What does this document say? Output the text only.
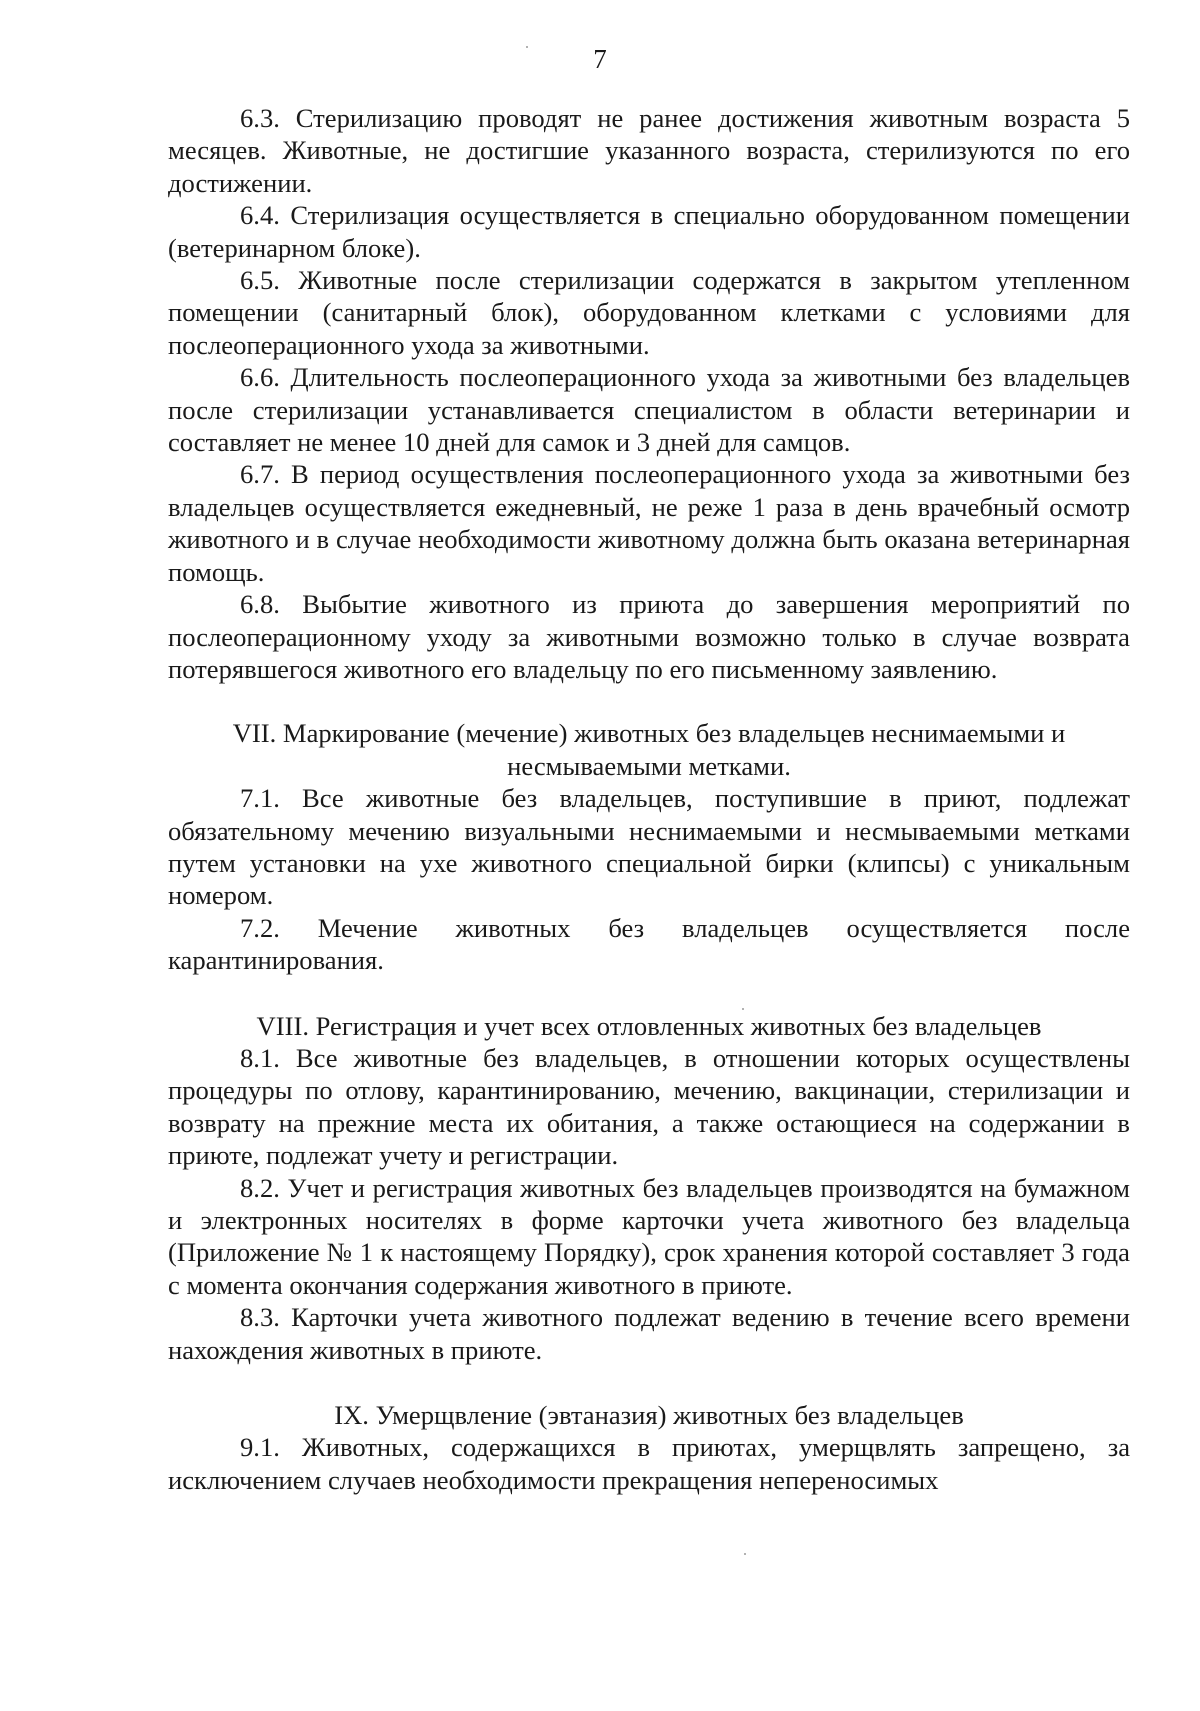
7

6.3. Стерилизацию проводят не ранее достижения животным возраста 5 месяцев. Животные, не достигшие указанного возраста, стерилизуются по его достижении.

6.4. Стерилизация осуществляется в специально оборудованном помещении (ветеринарном блоке).

6.5. Животные после стерилизации содержатся в закрытом утепленном помещении (санитарный блок), оборудованном клетками с условиями для послеоперационного ухода за животными.

6.6. Длительность послеоперационного ухода за животными без владельцев после стерилизации устанавливается специалистом в области ветеринарии и составляет не менее 10 дней для самок и 3 дней для самцов.

6.7. В период осуществления послеоперационного ухода за животными без владельцев осуществляется ежедневный, не реже 1 раза в день врачебный осмотр животного и в случае необходимости животному должна быть оказана ветеринарная помощь.

6.8. Выбытие животного из приюта до завершения мероприятий по послеоперационному уходу за животными возможно только в случае возврата потерявшегося животного его владельцу по его письменному заявлению.

VII. Маркирование (мечение) животных без владельцев неснимаемыми и несмываемыми метками.

7.1. Все животные без владельцев, поступившие в приют, подлежат обязательному мечению визуальными неснимаемыми и несмываемыми метками путем установки на ухе животного специальной бирки (клипсы) с уникальным номером.

7.2. Мечение животных без владельцев осуществляется после карантинирования.

VIII. Регистрация и учет всех отловленных животных без владельцев

8.1. Все животные без владельцев, в отношении которых осуществлены процедуры по отлову, карантинированию, мечению, вакцинации, стерилизации и возврату на прежние места их обитания, а также остающиеся на содержании в приюте, подлежат учету и регистрации.

8.2. Учет и регистрация животных без владельцев производятся на бумажном и электронных носителях в форме карточки учета животного без владельца (Приложение № 1 к настоящему Порядку), срок хранения которой составляет 3 года с момента окончания содержания животного в приюте.

8.3. Карточки учета животного подлежат ведению в течение всего времени нахождения животных в приюте.

IX. Умерщвление (эвтаназия) животных без владельцев

9.1. Животных, содержащихся в приютах, умерщвлять запрещено, за исключением случаев необходимости прекращения непереносимых
